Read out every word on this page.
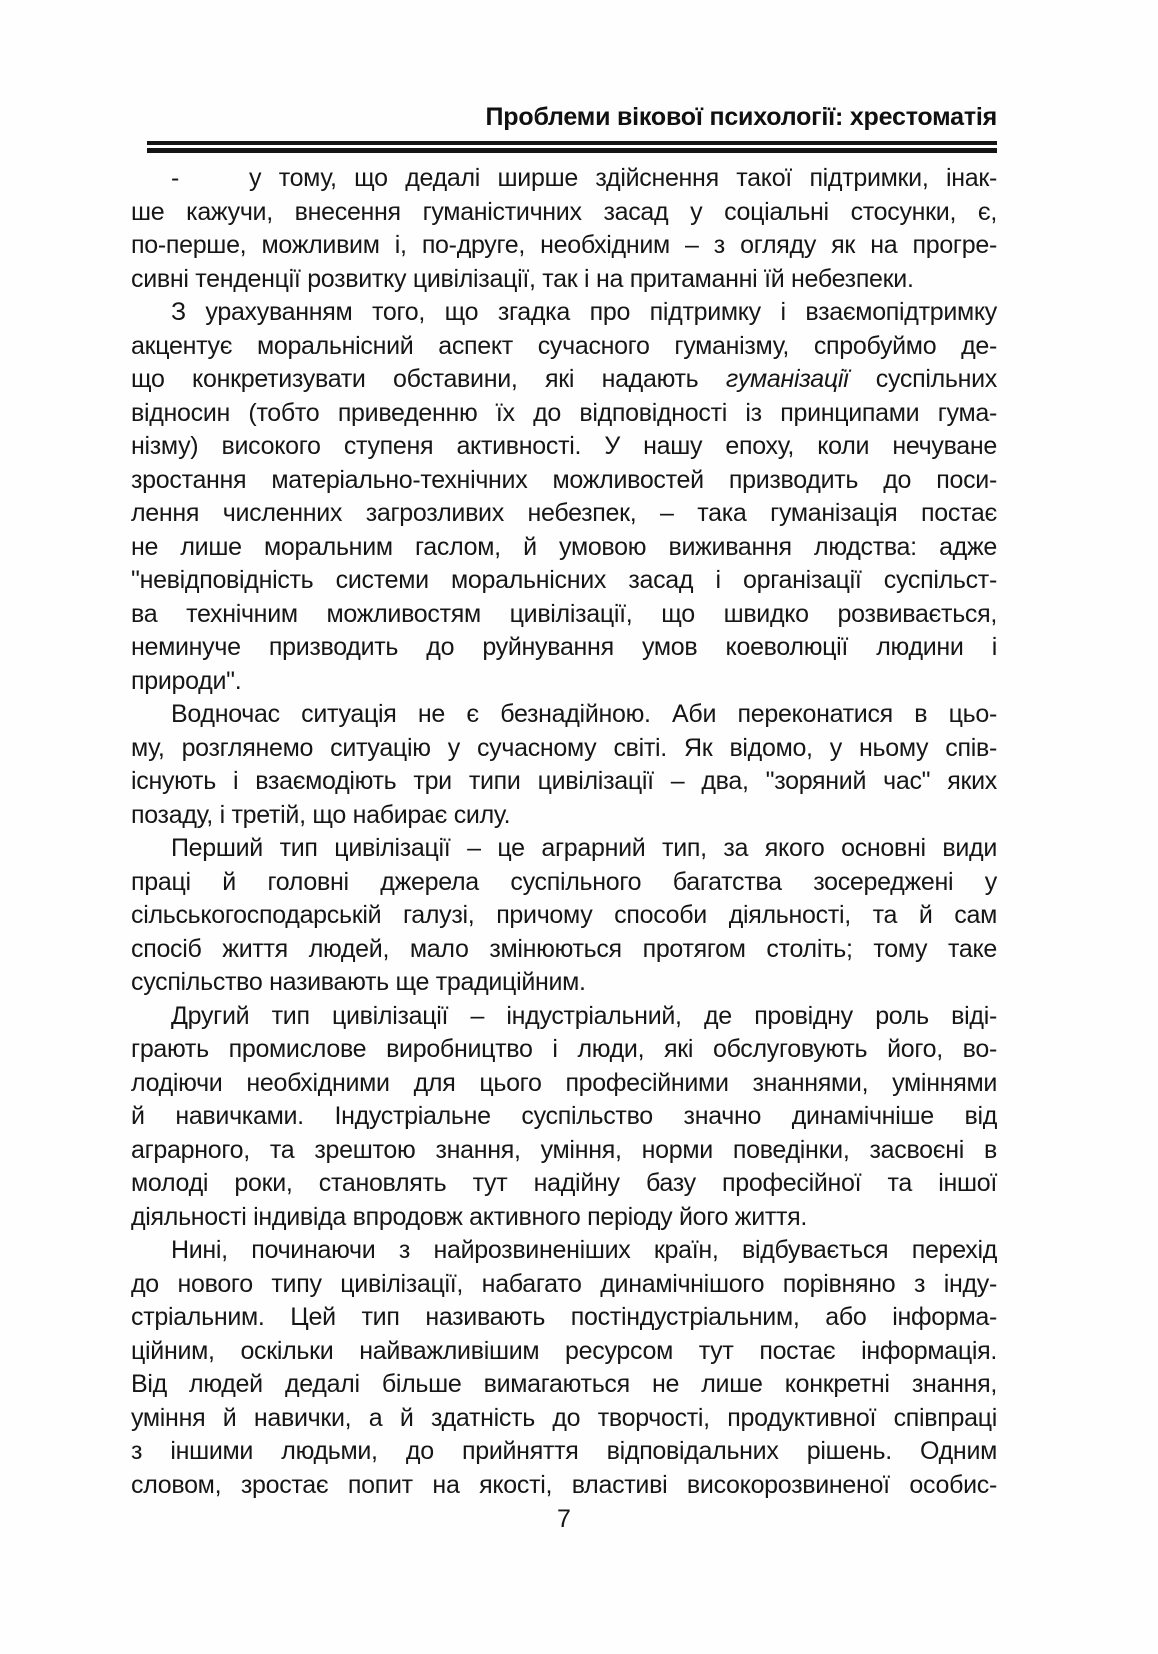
Проблеми вікової психології: хрестоматія
-    у тому, що дедалі ширше здійснення такої підтримки, інак-
ше кажучи, внесення гуманістичних засад у соціальні стосунки, є,
по-перше, можливим і, по-друге, необхідним – з огляду як на прогре-
сивні тенденції розвитку цивілізації, так і на притаманні їй небезпеки.
З урахуванням того, що згадка про підтримку і взаємопідтримку
акцентує моральнісний аспект сучасного гуманізму, спробуймо де-
що конкретизувати обставини, які надають гуманізації суспільних
відносин (тобто приведенню їх до відповідності із принципами гума-
нізму) високого ступеня активності. У нашу епоху, коли нечуване
зростання матеріально-технічних можливостей призводить до поси-
лення численних загрозливих небезпек, – така гуманізація постає
не лише моральним гаслом, й умовою виживання людства: адже
"невідповідність системи моральнісних засад і організації суспільст-
ва технічним можливостям цивілізації, що швидко розвивається,
неминуче призводить до руйнування умов коеволюції людини і
природи".
Водночас ситуація не є безнадійною. Аби переконатися в цьо-
му, розглянемо ситуацію у сучасному світі. Як відомо, у ньому спів-
існують і взаємодіють три типи цивілізації – два, "зоряний час" яких
позаду, і третій, що набирає силу.
Перший тип цивілізації – це аграрний тип, за якого основні види
праці й головні джерела суспільного багатства зосереджені у
сільськогосподарській галузі, причому способи діяльності, та й сам
спосіб життя людей, мало змінюються протягом століть; тому таке
суспільство називають ще традиційним.
Другий тип цивілізації – індустріальний, де провідну роль віді-
грають промислове виробництво і люди, які обслуговують його, во-
лодіючи необхідними для цього професійними знаннями, уміннями
й навичками. Індустріальне суспільство значно динамічніше від
аграрного, та зрештою знання, уміння, норми поведінки, засвоєні в
молоді роки, становлять тут надійну базу професійної та іншої
діяльності індивіда впродовж активного періоду його життя.
Нині, починаючи з найрозвиненіших країн, відбувається перехід
до нового типу цивілізації, набагато динамічнішого порівняно з інду-
стріальним. Цей тип називають постіндустріальним, або інформа-
ційним, оскільки найважливішим ресурсом тут постає інформація.
Від людей дедалі більше вимагаються не лише конкретні знання,
уміння й навички, а й здатність до творчості, продуктивної співпраці
з іншими людьми, до прийняття відповідальних рішень. Одним
словом, зростає попит на якості, властиві високорозвиненої особис-
7
